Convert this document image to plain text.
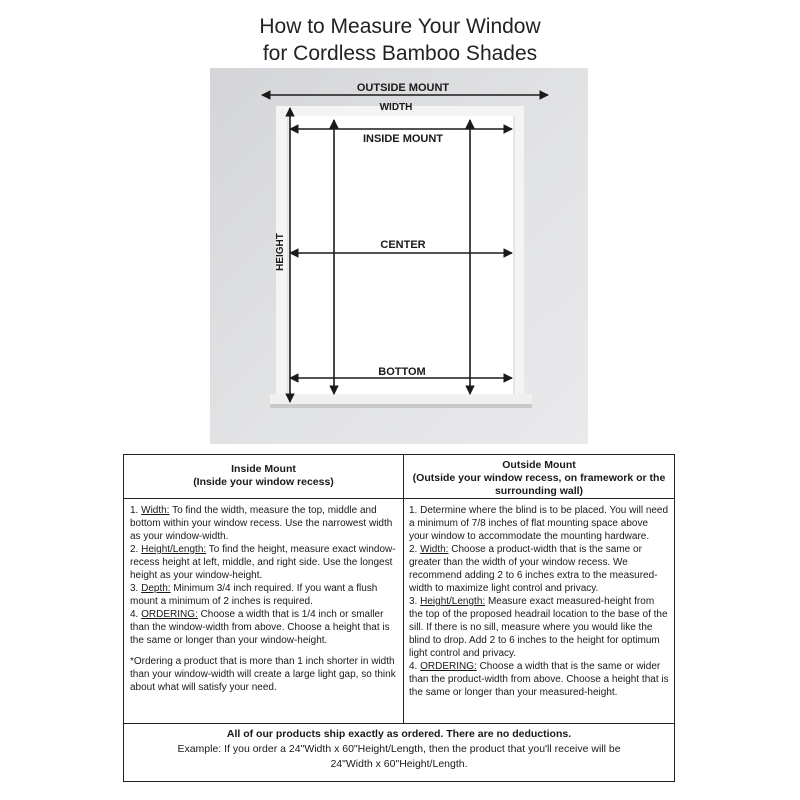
How to Measure Your Window
for Cordless Bamboo Shades
OUTSIDE MOUNT
WIDTH
INSIDE MOUNT
CENTER
BOTTOM
HEIGHT
Inside Mount
(Inside your window recess)
Outside Mount
(Outside your window recess, on framework or the
surrounding wall)

1. Width: To find the width, measure the top, middle and bottom within your window recess. Use the narrowest width as your window-width.

2. Height/Length: To find the height, measure exact window-recess height at left, middle, and right side. Use the longest height as your window-height.

3. Depth: Minimum 3/4 inch required. If you want a flush mount a minimum of 2 inches is required.

4. ORDERING: Choose a width that is 1/4 inch or smaller than the window-width from above. Choose a height that is the same or longer than your window-height.

*Ordering a product that is more than 1 inch shorter in width than your window-width will create a large light gap, so think about what will satisfy your need.

1. Determine where the blind is to be placed. You will need a minimum of 7/8 inches of flat mounting space above your window to accommodate the mounting hardware.

2. Width: Choose a product-width that is the same or greater than the width of your window recess. We recommend adding 2 to 6 inches extra to the measured-width to maximize light control and privacy.

3. Height/Length: Measure exact measured-height from the top of the proposed headrail location to the base of the sill. If there is no sill, measure where you would like the blind to drop. Add 2 to 6 inches to the height for optimum light control and privacy.

4. ORDERING: Choose a width that is the same or wider than the product-width from above. Choose a height that is the same or longer than your measured-height.

All of our products ship exactly as ordered. There are no deductions.
Example: If you order a 24"Width x 60"Height/Length, then the product that you'll receive will be
24"Width x 60"Height/Length.
